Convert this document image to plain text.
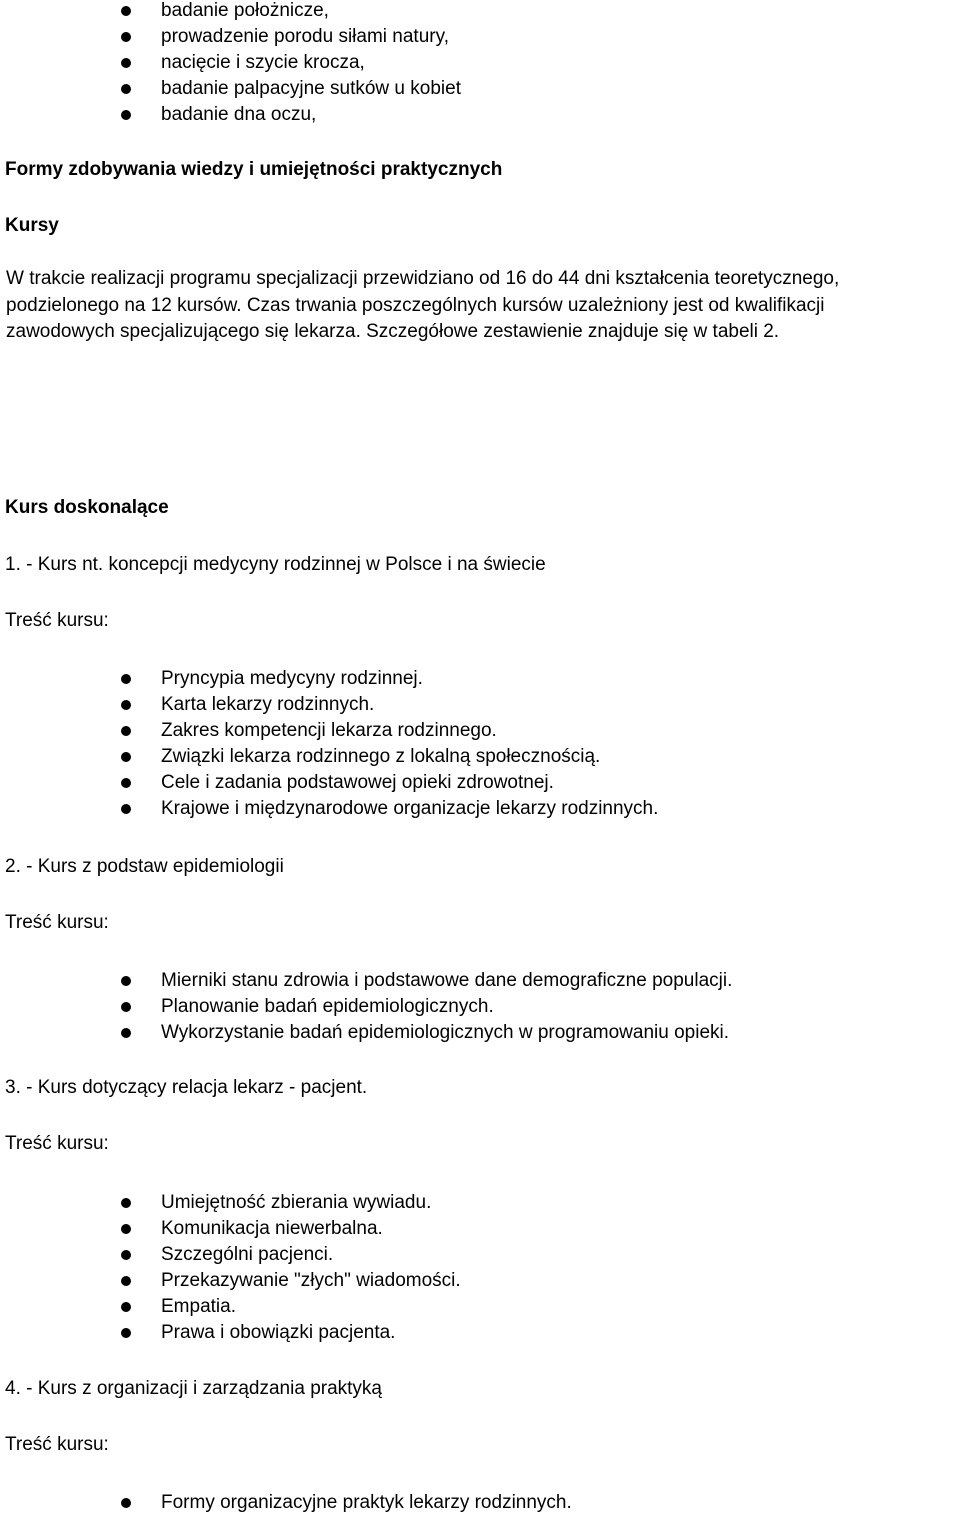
badanie położnicze,
prowadzenie porodu siłami natury,
nacięcie i szycie krocza,
badanie palpacyjne sutków u kobiet
badanie dna oczu,
Formy zdobywania wiedzy i umiejętności praktycznych
Kursy
W trakcie realizacji programu specjalizacji przewidziano od 16 do 44 dni kształcenia teoretycznego,
podzielonego na 12 kursów. Czas trwania poszczególnych kursów uzależniony jest od kwalifikacji
zawodowych specjalizującego się lekarza. Szczegółowe zestawienie znajduje się w tabeli 2.
Kurs doskonalące
1. - Kurs nt. koncepcji medycyny rodzinnej w Polsce i na świecie
Treść kursu:
Pryncypia medycyny rodzinnej.
Karta lekarzy rodzinnych.
Zakres kompetencji lekarza rodzinnego.
Związki lekarza rodzinnego z lokalną społecznością.
Cele i zadania podstawowej opieki zdrowotnej.
Krajowe i międzynarodowe organizacje lekarzy rodzinnych.
2. - Kurs z podstaw epidemiologii
Treść kursu:
Mierniki stanu zdrowia i podstawowe dane demograficzne populacji.
Planowanie badań epidemiologicznych.
Wykorzystanie badań epidemiologicznych w programowaniu opieki.
3. - Kurs dotyczący relacja lekarz - pacjent.
Treść kursu:
Umiejętność zbierania wywiadu.
Komunikacja niewerbalna.
Szczególni pacjenci.
Przekazywanie "złych" wiadomości.
Empatia.
Prawa i obowiązki pacjenta.
4. - Kurs z organizacji i zarządzania praktyką
Treść kursu:
Formy organizacyjne praktyk lekarzy rodzinnych.
